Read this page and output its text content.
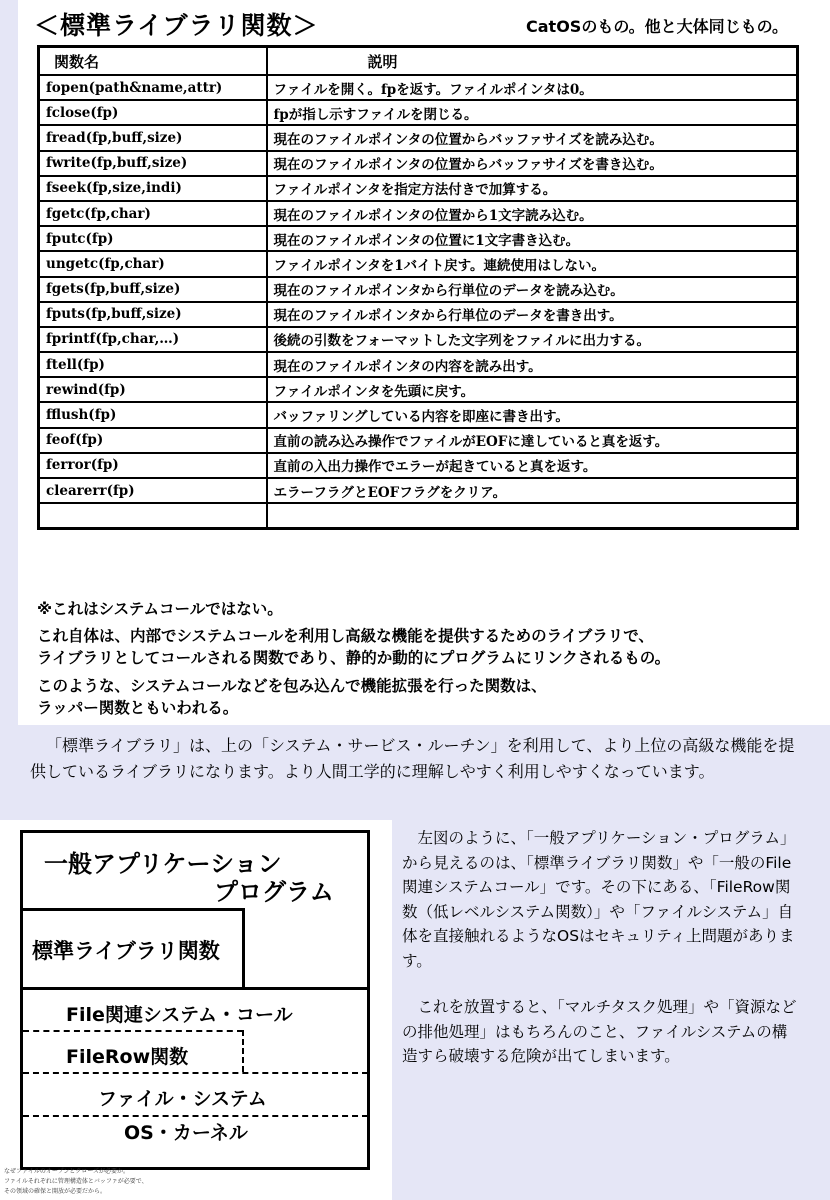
＜標準ライブラリ関数＞	CatOSのもの。他と大体同じもの。
関数名	説明
fopen(path&name,attr)	ファイルを開く。fpを返す。ファイルポインタは0。
fclose(fp)	fpが指し示すファイルを閉じる。
fread(fp,buff,size)	現在のファイルポインタの位置からバッファサイズを読み込む。
fwrite(fp,buff,size)	現在のファイルポインタの位置からバッファサイズを書き込む。
fseek(fp,size,indi)	ファイルポインタを指定方法付きで加算する。
fgetc(fp,char)	現在のファイルポインタの位置から1文字読み込む。
fputc(fp)	現在のファイルポインタの位置に1文字書き込む。
ungetc(fp,char)	ファイルポインタを1バイト戻す。連続使用はしない。
fgets(fp,buff,size)	現在のファイルポインタから行単位のデータを読み込む。
fputs(fp,buff,size)	現在のファイルポインタから行単位のデータを書き出す。
fprintf(fp,char,…)	後続の引数をフォーマットした文字列をファイルに出力する。
ftell(fp)	現在のファイルポインタの内容を読み出す。
rewind(fp)	ファイルポインタを先頭に戻す。
fflush(fp)	バッファリングしている内容を即座に書き出す。
feof(fp)	直前の読み込み操作でファイルがEOFに達していると真を返す。
ferror(fp)	直前の入出力操作でエラーが起きていると真を返す。
clearerr(fp)	エラーフラグとEOFフラグをクリア。

※これはシステムコールではない。
これ自体は、内部でシステムコールを利用し高級な機能を提供するためのライブラリで、
ライブラリとしてコールされる関数であり、静的か動的にプログラムにリンクされるもの。
このような、システムコールなどを包み込んで機能拡張を行った関数は、
ラッパー関数ともいわれる。
「標準ライブラリ」は、上の「システム・サービス・ルーチン」を利用して、より上位の高級な機能を提供しているライブラリになります。より人間工学的に理解しやすく利用しやすくなっています。
一般アプリケーション
プログラム
標準ライブラリ関数
File関連システム・コール
FileRow関数
ファイル・システム
OS・カーネル
なぜファイルのオープンとクローズが必要か。
ファイルそれぞれに管理構造体とバッファが必要で、
その領域の確保と開放が必要だから。

左図のように、「一般アプリケーション・プログラム」から見えるのは、「標準ライブラリ関数」や「一般のFile関連システムコール」です。その下にある、「FileRow関数（低レベルシステム関数）」や「ファイルシステム」自体を直接触れるようなOSはセキュリティ上問題があります。

これを放置すると、「マルチタスク処理」や「資源などの排他処理」はもちろんのこと、ファイルシステムの構造すら破壊する危険が出てしまいます。
